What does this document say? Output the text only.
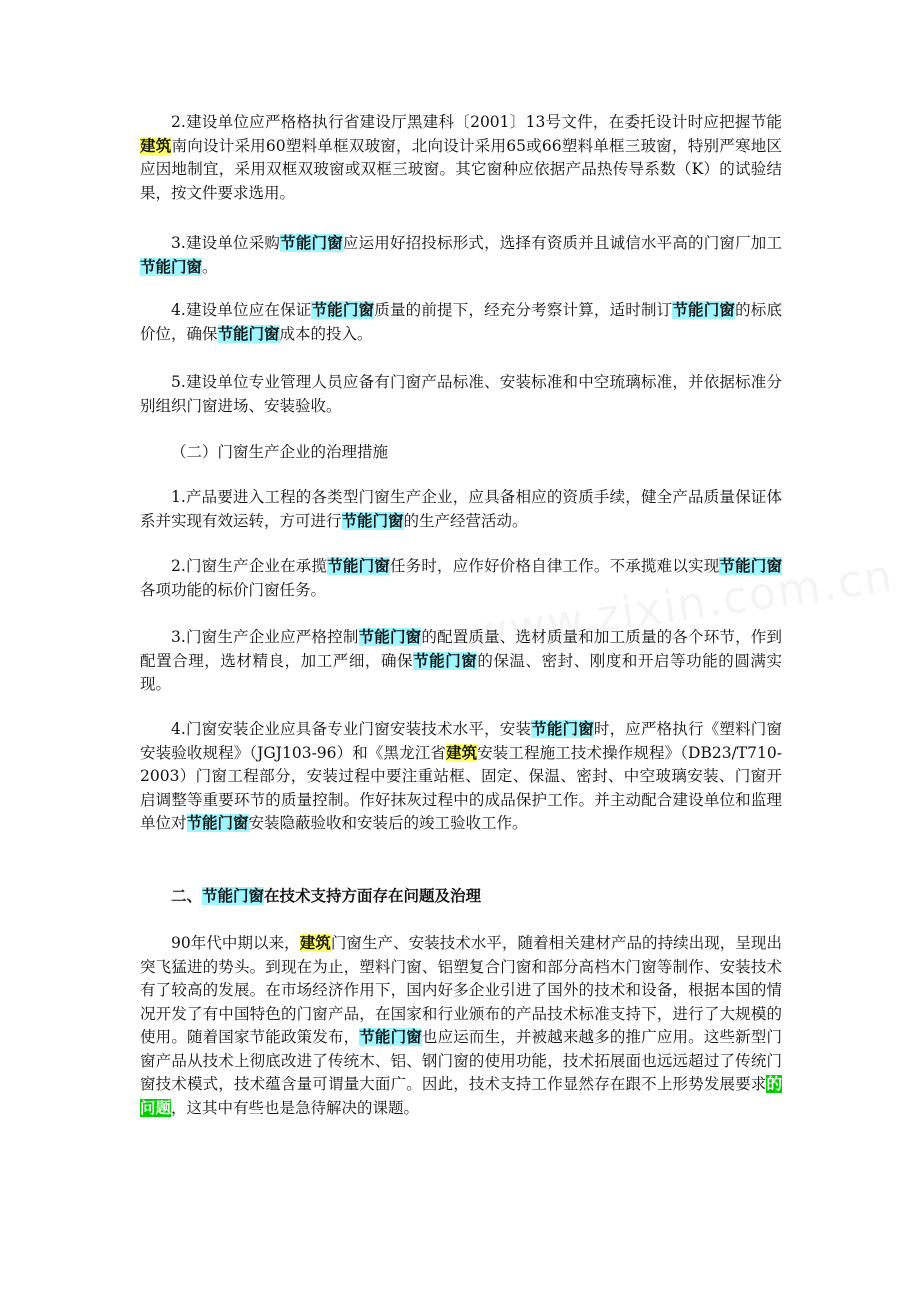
2.建设单位应严格格执行省建设厅黑建科〔2001〕13号文件，在委托设计时应把握节能建筑南向设计采用60塑料单框双玻窗，北向设计采用65或66塑料单框三玻窗，特别严寒地区应因地制宜，采用双框双玻窗或双框三玻窗。其它窗种应依据产品热传导系数（K）的试验结果，按文件要求选用。

3.建设单位采购节能门窗应运用好招投标形式，选择有资质并且诚信水平高的门窗厂加工节能门窗。

4.建设单位应在保证节能门窗质量的前提下，经充分考察计算，适时制订节能门窗的标底价位，确保节能门窗成本的投入。

5.建设单位专业管理人员应备有门窗产品标准、安装标准和中空琉璃标准，并依据标准分别组织门窗进场、安装验收。

（二）门窗生产企业的治理措施

1.产品要进入工程的各类型门窗生产企业，应具备相应的资质手续，健全产品质量保证体系并实现有效运转，方可进行节能门窗的生产经营活动。

2.门窗生产企业在承揽节能门窗任务时，应作好价格自律工作。不承揽难以实现节能门窗各项功能的标价门窗任务。

3.门窗生产企业应严格控制节能门窗的配置质量、选材质量和加工质量的各个环节，作到配置合理，选材精良，加工严细，确保节能门窗的保温、密封、刚度和开启等功能的圆满实现。

4.门窗安装企业应具备专业门窗安装技术水平，安装节能门窗时，应严格执行《塑料门窗安装验收规程》（JGJ103-96）和《黑龙江省建筑安装工程施工技术操作规程》（DB23/T710-2003）门窗工程部分，安装过程中要注重站框、固定、保温、密封、中空玻璃安装、门窗开启调整等重要环节的质量控制。作好抹灰过程中的成品保护工作。并主动配合建设单位和监理单位对节能门窗安装隐蔽验收和安装后的竣工验收工作。

二、节能门窗在技术支持方面存在问题及治理

90年代中期以来，建筑门窗生产、安装技术水平，随着相关建材产品的持续出现，呈现出突飞猛进的势头。到现在为止，塑料门窗、铝塑复合门窗和部分高档木门窗等制作、安装技术有了较高的发展。在市场经济作用下，国内好多企业引进了国外的技术和设备，根据本国的情况开发了有中国特色的门窗产品，在国家和行业颁布的产品技术标准支持下，进行了大规模的使用。随着国家节能政策发布，节能门窗也应运而生，并被越来越多的推广应用。这些新型门窗产品从技术上彻底改进了传统木、铝、钢门窗的使用功能，技术拓展面也远远超过了传统门窗技术模式，技术蕴含量可谓量大面广。因此，技术支持工作显然存在跟不上形势发展要求的问题，这其中有些也是急待解决的课题。
